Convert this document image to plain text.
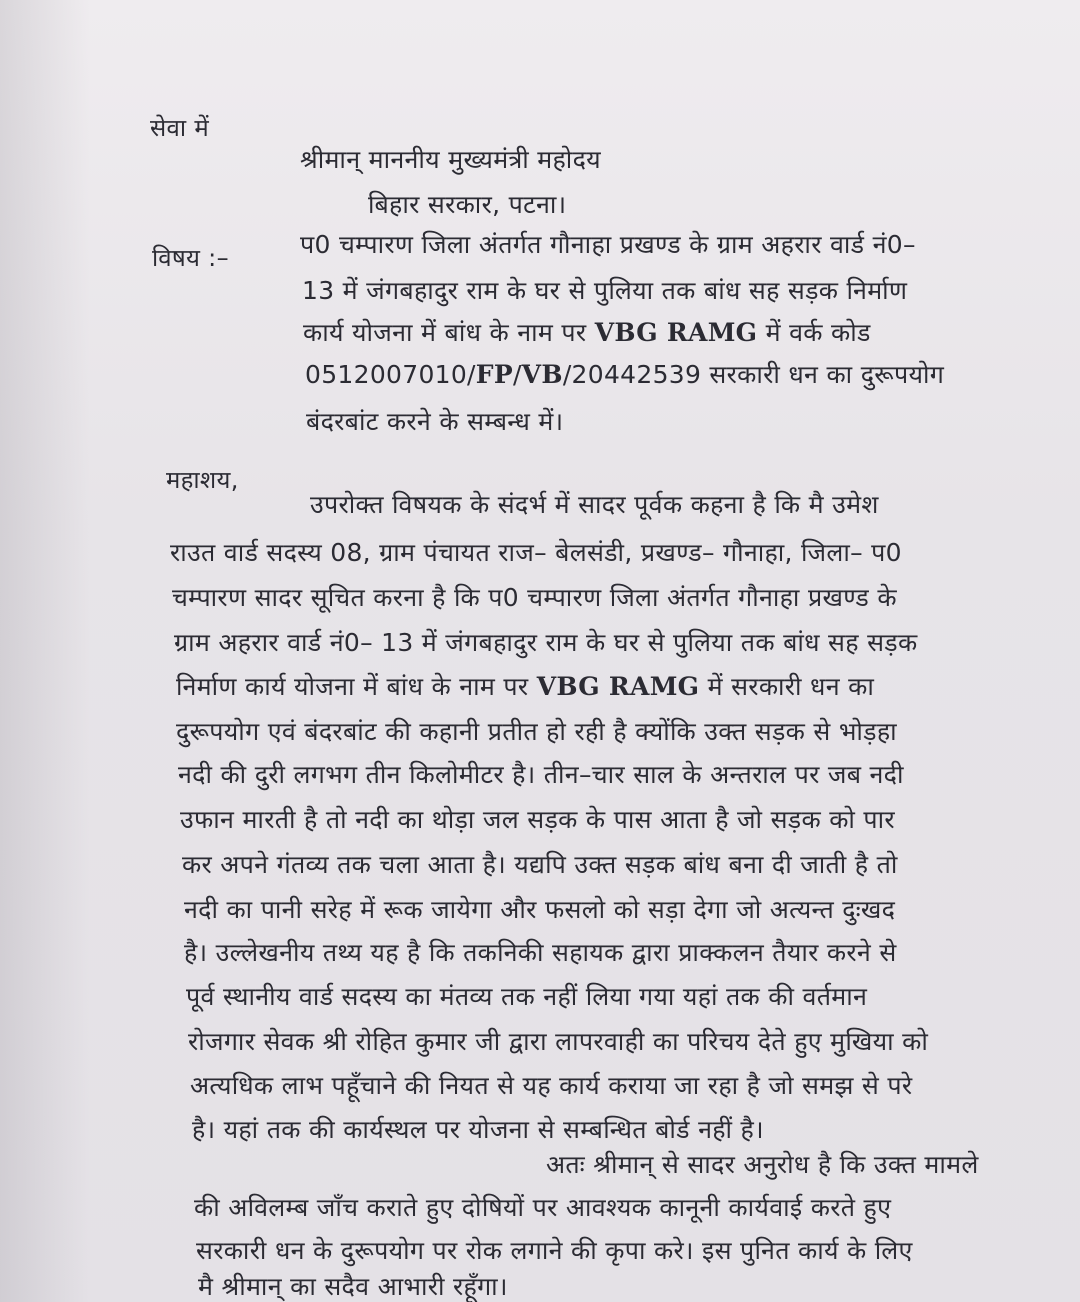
सेवा में
श्रीमान् माननीय मुख्यमंत्री महोदय
बिहार सरकार, पटना।
विषय :–	प0 चम्पारण जिला अंतर्गत गौनाहा प्रखण्ड के ग्राम अहरार वार्ड नं0–
13 में जंगबहादुर राम के घर से पुलिया तक बांध सह सड़क निर्माण
कार्य योजना में बांध के नाम पर VBG RAMG में वर्क कोड
0512007010/FP/VB/20442539 सरकारी धन का दुरूपयोग
बंदरबांट करने के सम्बन्ध में।
महाशय,
उपरोक्त विषयक के संदर्भ में सादर पूर्वक कहना है कि मै उमेश
राउत वार्ड सदस्य 08, ग्राम पंचायत राज– बेलसंडी, प्रखण्ड– गौनाहा, जिला– प0
चम्पारण सादर सूचित करना है कि प0 चम्पारण जिला अंतर्गत गौनाहा प्रखण्ड के
ग्राम अहरार वार्ड नं0– 13 में जंगबहादुर राम के घर से पुलिया तक बांध सह सड़क
निर्माण कार्य योजना में बांध के नाम पर VBG RAMG में सरकारी धन का
दुरूपयोग एवं बंदरबांट की कहानी प्रतीत हो रही है क्योंकि उक्त सड़क से भोड़हा
नदी की दुरी लगभग तीन किलोमीटर है। तीन–चार साल के अन्तराल पर जब नदी
उफान मारती है तो नदी का थोड़ा जल सड़क के पास आता है जो सड़क को पार
कर अपने गंतव्य तक चला आता है। यद्यपि उक्त सड़क बांध बना दी जाती है तो
नदी का पानी सरेह में रूक जायेगा और फसलो को सड़ा देगा जो अत्यन्त दुःखद
है। उल्लेखनीय तथ्य यह है कि तकनिकी सहायक द्वारा प्राक्कलन तैयार करने से
पूर्व स्थानीय वार्ड सदस्य का मंतव्य तक नहीं लिया गया यहां तक की वर्तमान
रोजगार सेवक श्री रोहित कुमार जी द्वारा लापरवाही का परिचय देते हुए मुखिया को
अत्यधिक लाभ पहूँचाने की नियत से यह कार्य कराया जा रहा है जो समझ से परे
है। यहां तक की कार्यस्थल पर योजना से सम्बन्धित बोर्ड नहीं है।
अतः श्रीमान् से सादर अनुरोध है कि उक्त मामले
की अविलम्ब जाँच कराते हुए दोषियों पर आवश्यक कानूनी कार्यवाई करते हुए
सरकारी धन के दुरूपयोग पर रोक लगाने की कृपा करे। इस पुनित कार्य के लिए
मै श्रीमान् का सदैव आभारी रहूँगा।
